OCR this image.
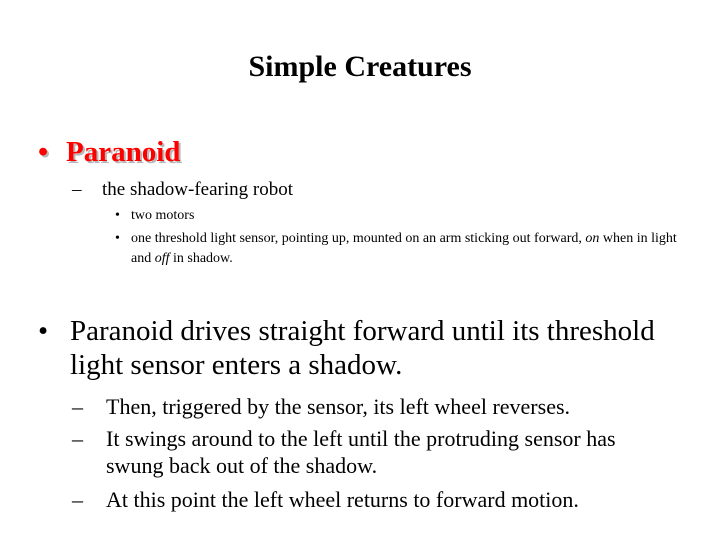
Simple Creatures
• Paranoid
–	the shadow-fearing robot
• two motors
• one threshold light sensor, pointing up, mounted on an arm sticking out forward, on when in light and off in shadow.
• Paranoid drives straight forward until its threshold light sensor enters a shadow.
–	Then, triggered by the sensor, its left wheel reverses.
–	It swings around to the left until the protruding sensor has swung back out of the shadow.
–	At this point the left wheel returns to forward motion.
